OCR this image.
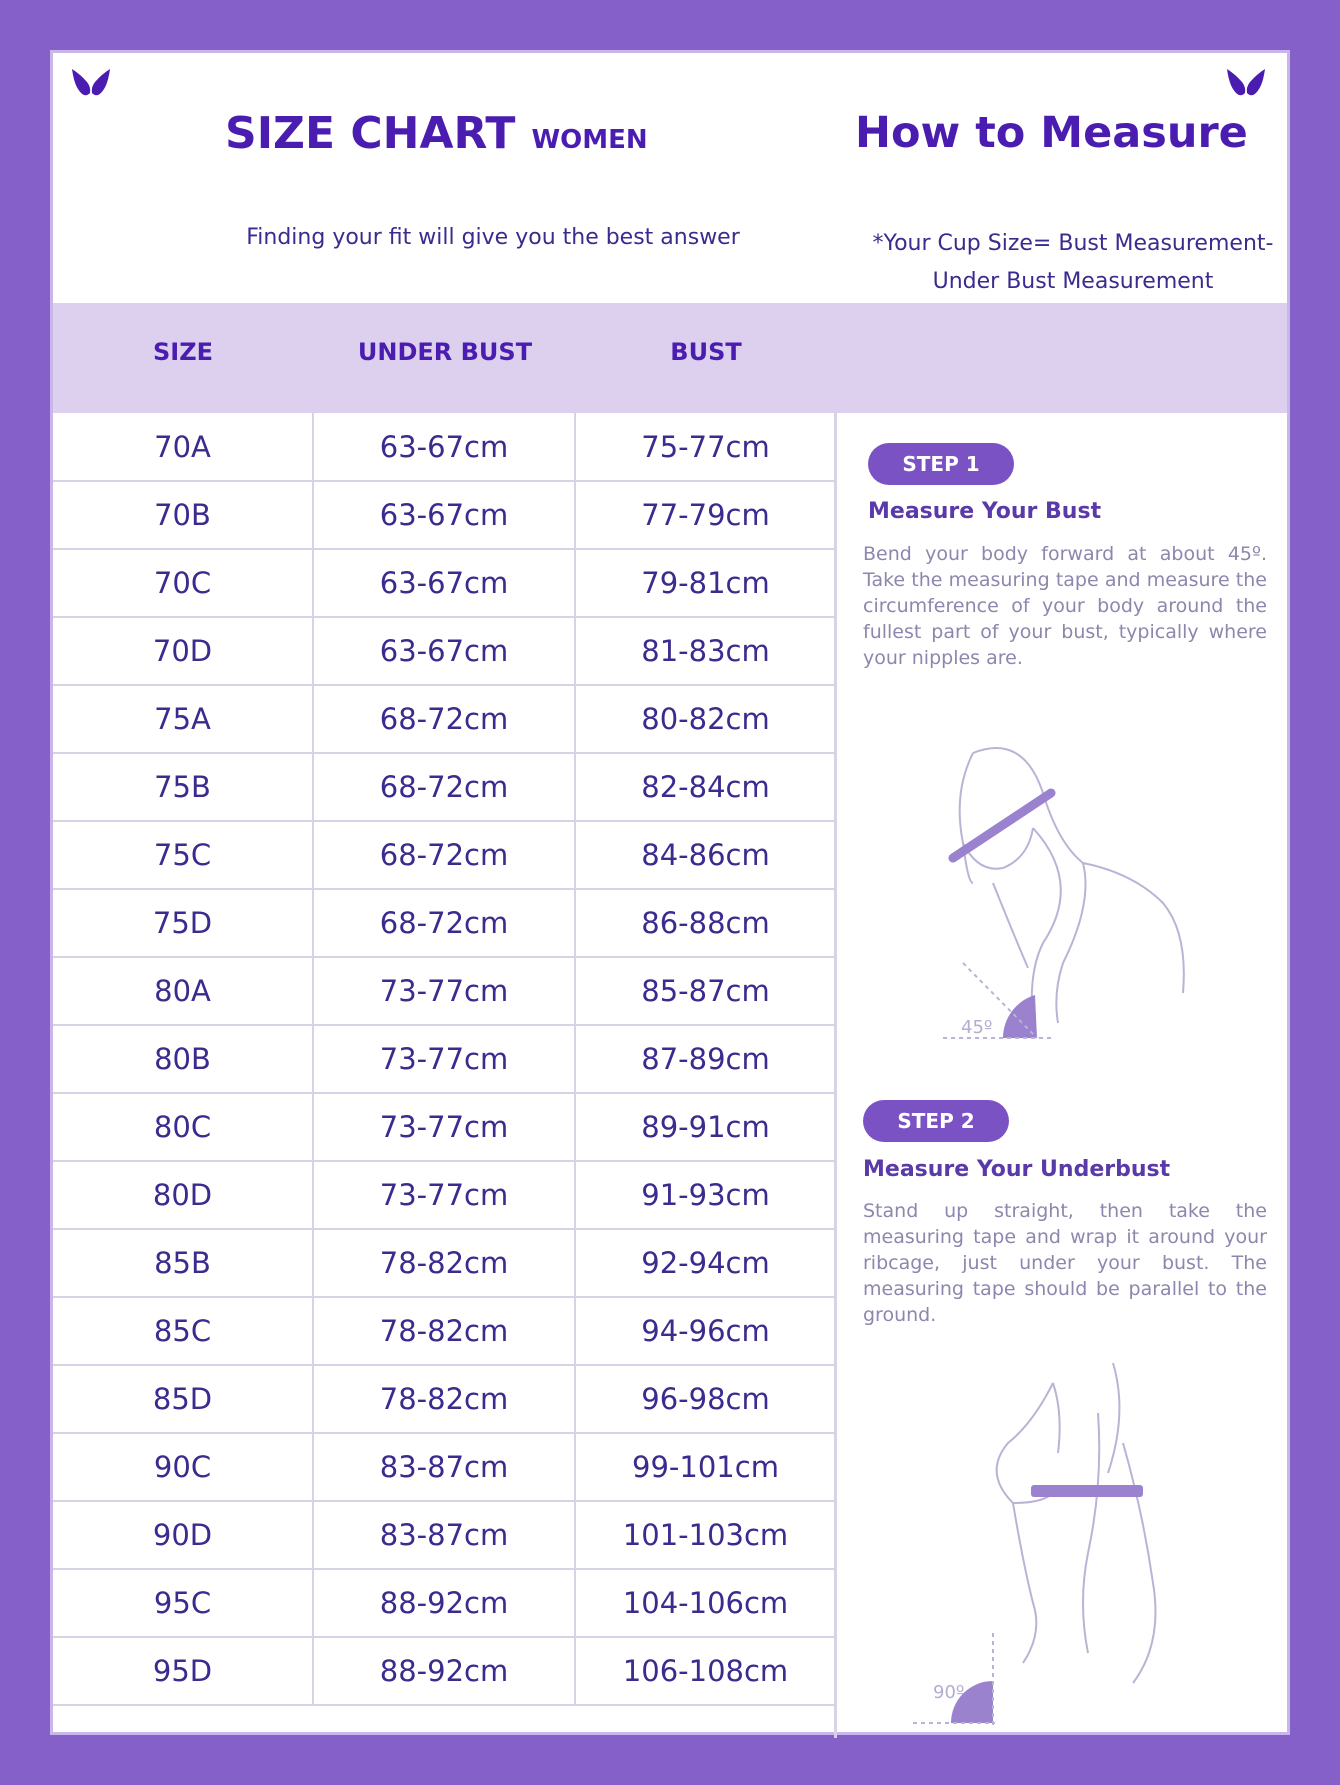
SIZE CHART WOMEN	How to Measure

Finding your fit will give you the best answer	*Your Cup Size= Bust Measurement-
Under Bust Measurement

SIZE	UNDER BUST	BUST
70A	63-67cm	75-77cm
70B	63-67cm	77-79cm
70C	63-67cm	79-81cm
70D	63-67cm	81-83cm
75A	68-72cm	80-82cm
75B	68-72cm	82-84cm
75C	68-72cm	84-86cm
75D	68-72cm	86-88cm
80A	73-77cm	85-87cm
80B	73-77cm	87-89cm
80C	73-77cm	89-91cm
80D	73-77cm	91-93cm
85B	78-82cm	92-94cm
85C	78-82cm	94-96cm
85D	78-82cm	96-98cm
90C	83-87cm	99-101cm
90D	83-87cm	101-103cm
95C	88-92cm	104-106cm
95D	88-92cm	106-108cm
STEP 1
Measure Your Bust

Bend your body forward at about 45º. Take the measuring tape and measure the circumference of your body around the fullest part of your bust, typically where your nipples are.

45º
STEP 2
Measure Your Underbust

Stand up straight, then take the measuring tape and wrap it around your ribcage, just under your bust. The measuring tape should be parallel to the ground.

90º
